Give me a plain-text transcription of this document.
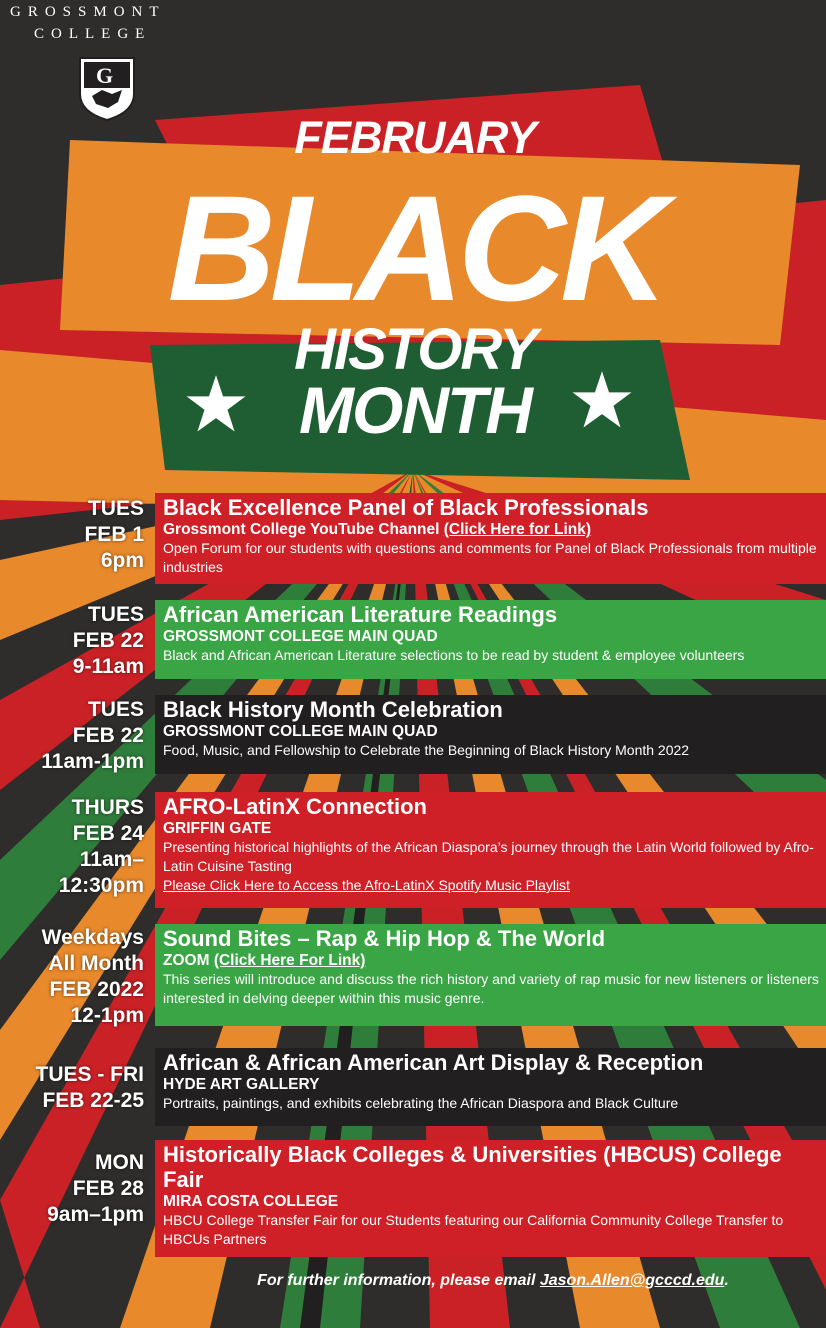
GROSSMONT
COLLEGE
G
FEBRUARY
BLACK
HISTORY
MONTH
TUES
FEB 1
6pm
Black Excellence Panel of Black Professionals
Grossmont College YouTube Channel (Click Here for Link)
Open Forum for our students with questions and comments for Panel of Black Professionals from multiple industries
TUES
FEB 22
9-11am
African American Literature Readings
GROSSMONT COLLEGE MAIN QUAD
Black and African American Literature selections to be read by student & employee volunteers
TUES
FEB 22
11am-1pm
Black History Month Celebration
GROSSMONT COLLEGE MAIN QUAD
Food, Music, and Fellowship to Celebrate the Beginning of Black History Month 2022
THURS
FEB 24
11am–
12:30pm
AFRO-LatinX Connection
GRIFFIN GATE
Presenting historical highlights of the African Diaspora’s journey through the Latin World followed by Afro-Latin Cuisine Tasting
Please Click Here to Access the Afro-LatinX Spotify Music Playlist
Weekdays
All Month
FEB 2022
12-1pm
Sound Bites – Rap & Hip Hop & The World
ZOOM (Click Here For Link)
This series will introduce and discuss the rich history and variety of rap music for new listeners or listeners interested in delving deeper within this music genre.
TUES - FRI
FEB 22-25
African & African American Art Display & Reception
HYDE ART GALLERY
Portraits, paintings, and exhibits celebrating the African Diaspora and Black Culture
MON
FEB 28
9am–1pm
Historically Black Colleges & Universities (HBCUS) College Fair
MIRA COSTA COLLEGE
HBCU College Transfer Fair for our Students featuring our California Community College Transfer to HBCUs Partners
For further information, please email Jason.Allen@gcccd.edu.
